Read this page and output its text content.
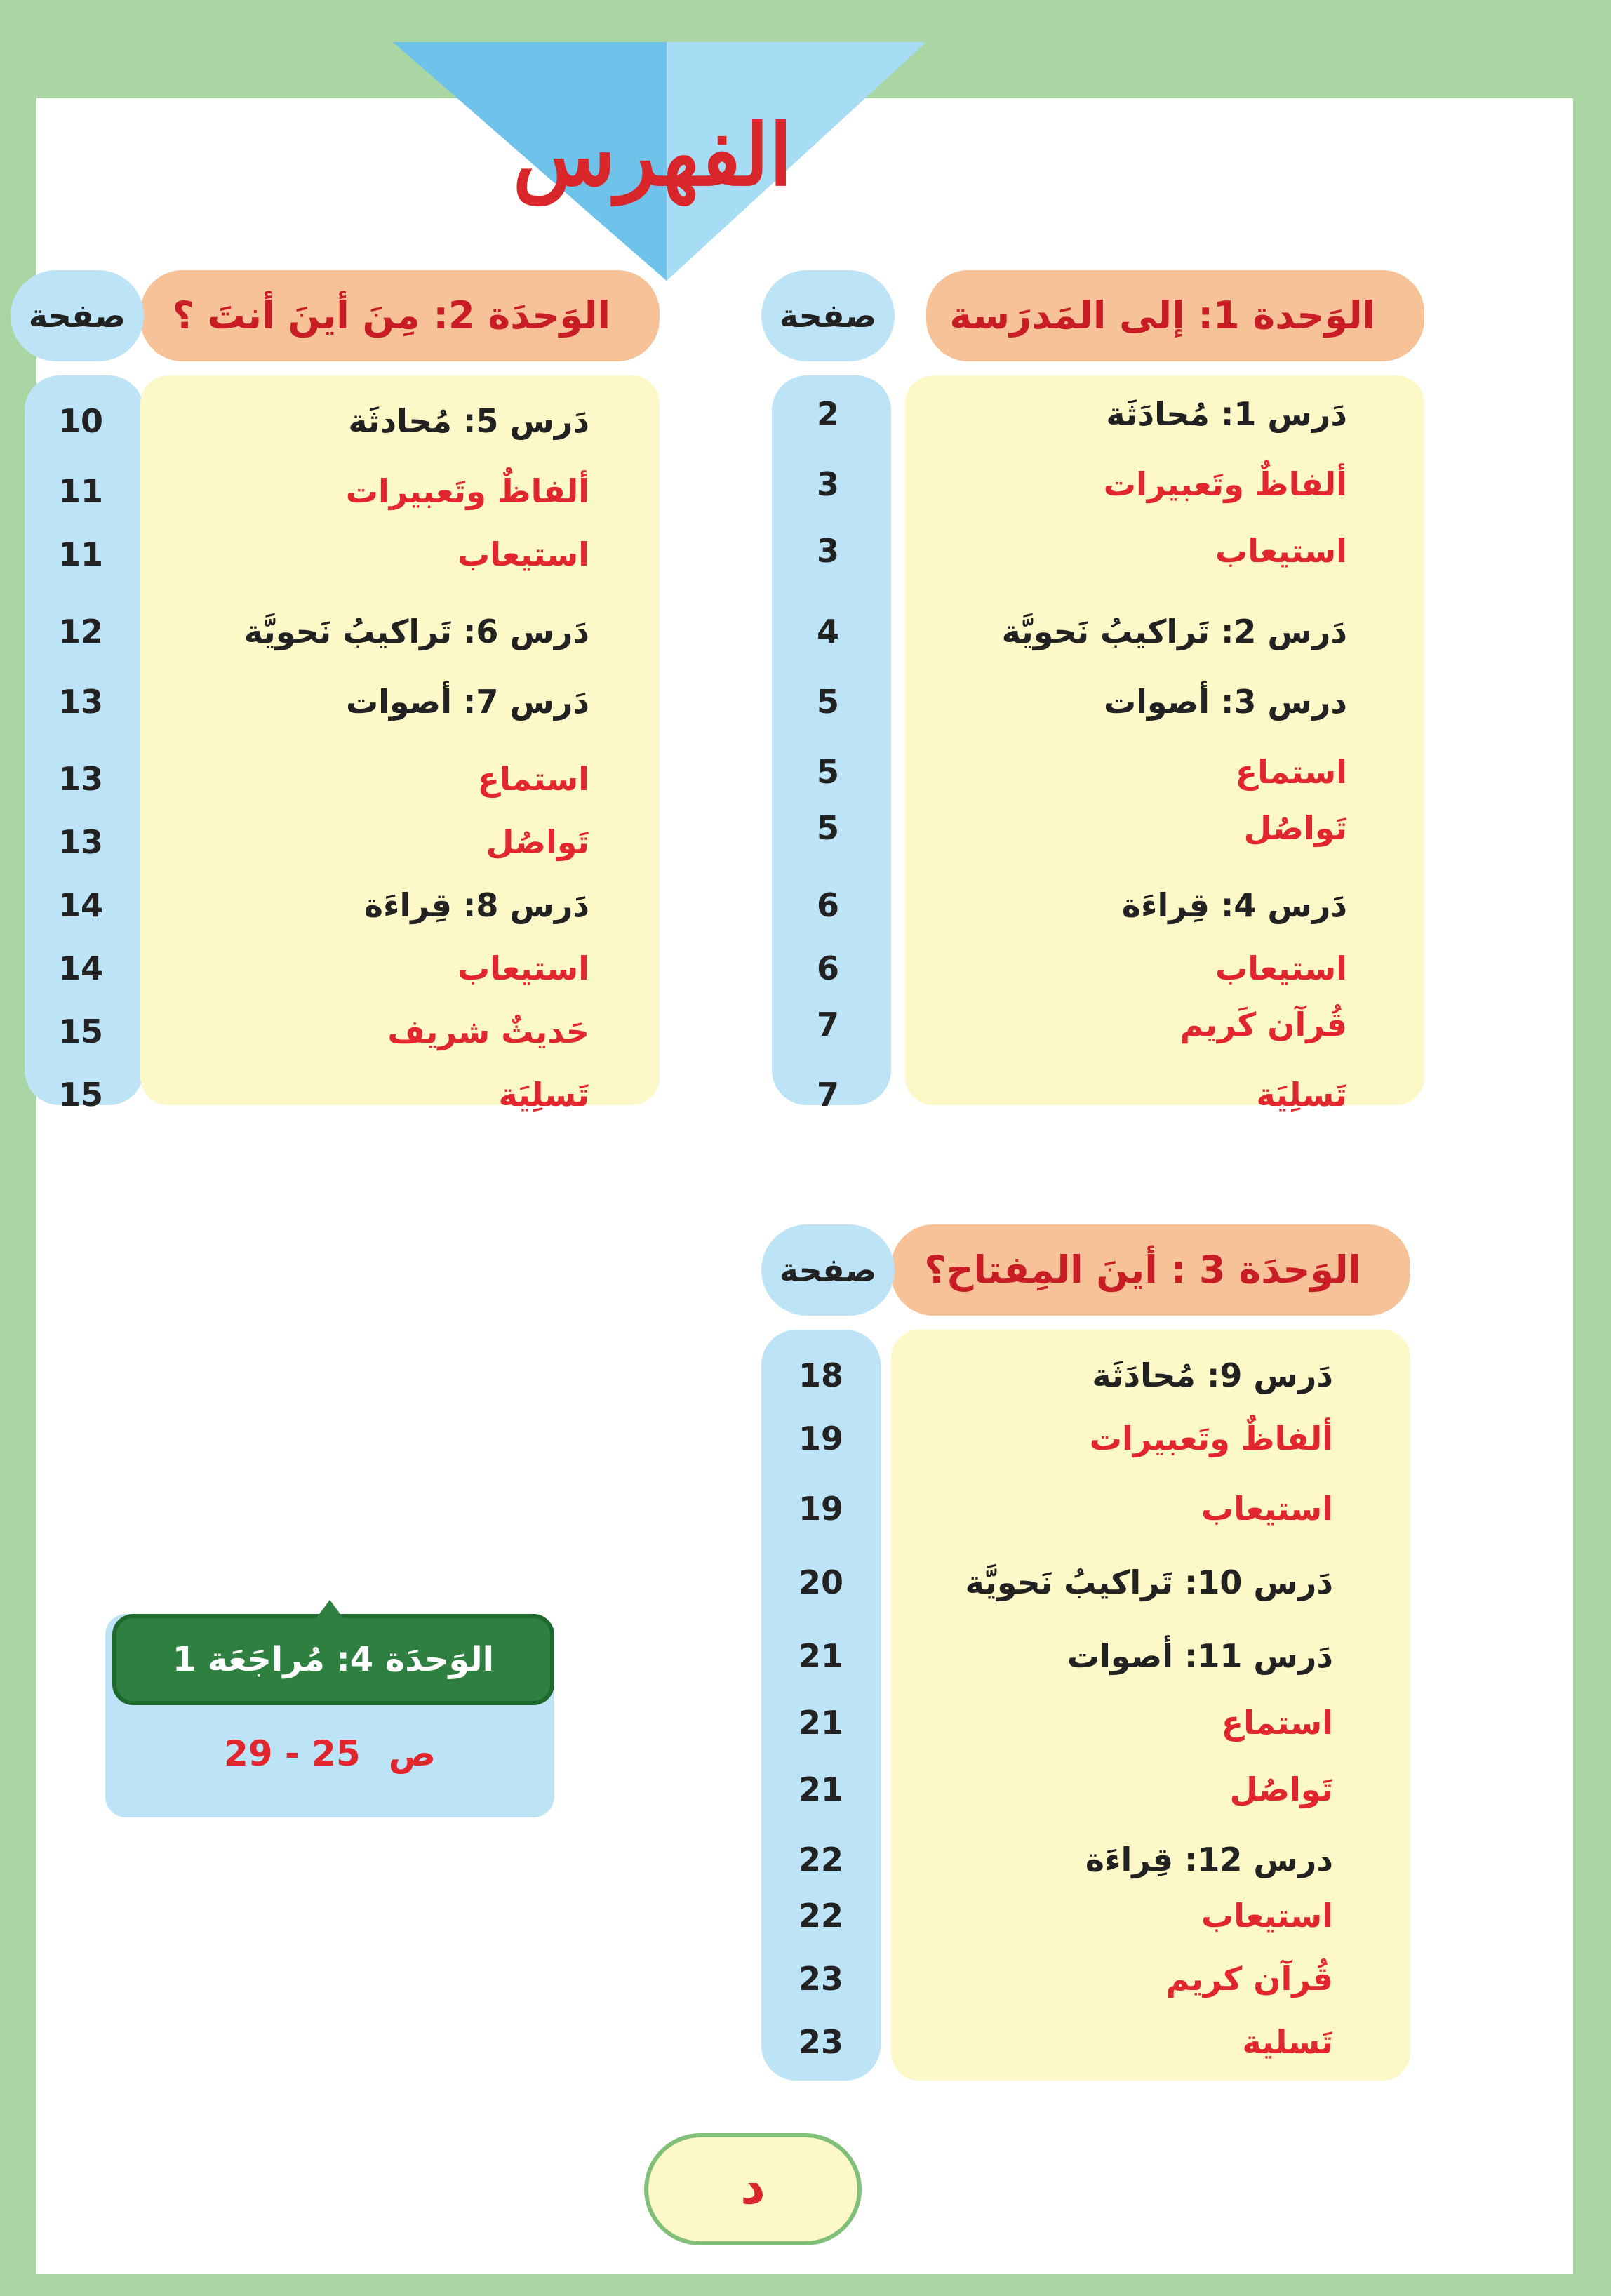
الفهرس
الوَحدة 1: إلى المَدرَسة
صفحة
دَرس 1: مُحادَثَة
2
ألفاظٌ وتَعبيرات
3
استيعاب
3
دَرس 2: تَراكيبُ نَحويَّة
4
درس 3: أصوات
5
استماع
5
تَواصُل
5
دَرس 4: قِراءَة
6
استيعاب
6
قُرآن كَريم
7
تَسلِيَة
7
الوَحدَة 2: مِنَ أينَ أنتَ ؟
صفحة
دَرس 5: مُحادثَة
10
ألفاظٌ وتَعبيرات
11
استيعاب
11
دَرس 6: تَراكيبُ نَحويَّة
12
دَرس 7: أصوات
13
استماع
13
تَواصُل
13
دَرس 8: قِراءَة
14
استيعاب
14
حَديثٌ شريف
15
تَسلِيَة
15
الوَحدَة 3 : أينَ المِفتاح؟
صفحة
دَرس 9: مُحادَثَة
18
ألفاظٌ وتَعبيرات
19
استيعاب
19
دَرس 10: تَراكيبُ نَحويَّة
20
دَرس 11: أصوات
21
استماع
21
تَواصُل
21
درس 12: قِراءَة
22
استيعاب
22
قُرآن كريم
23
تَسلية
23
الوَحدَة 4: مُراجَعَة 1
ص25 - 29
د
